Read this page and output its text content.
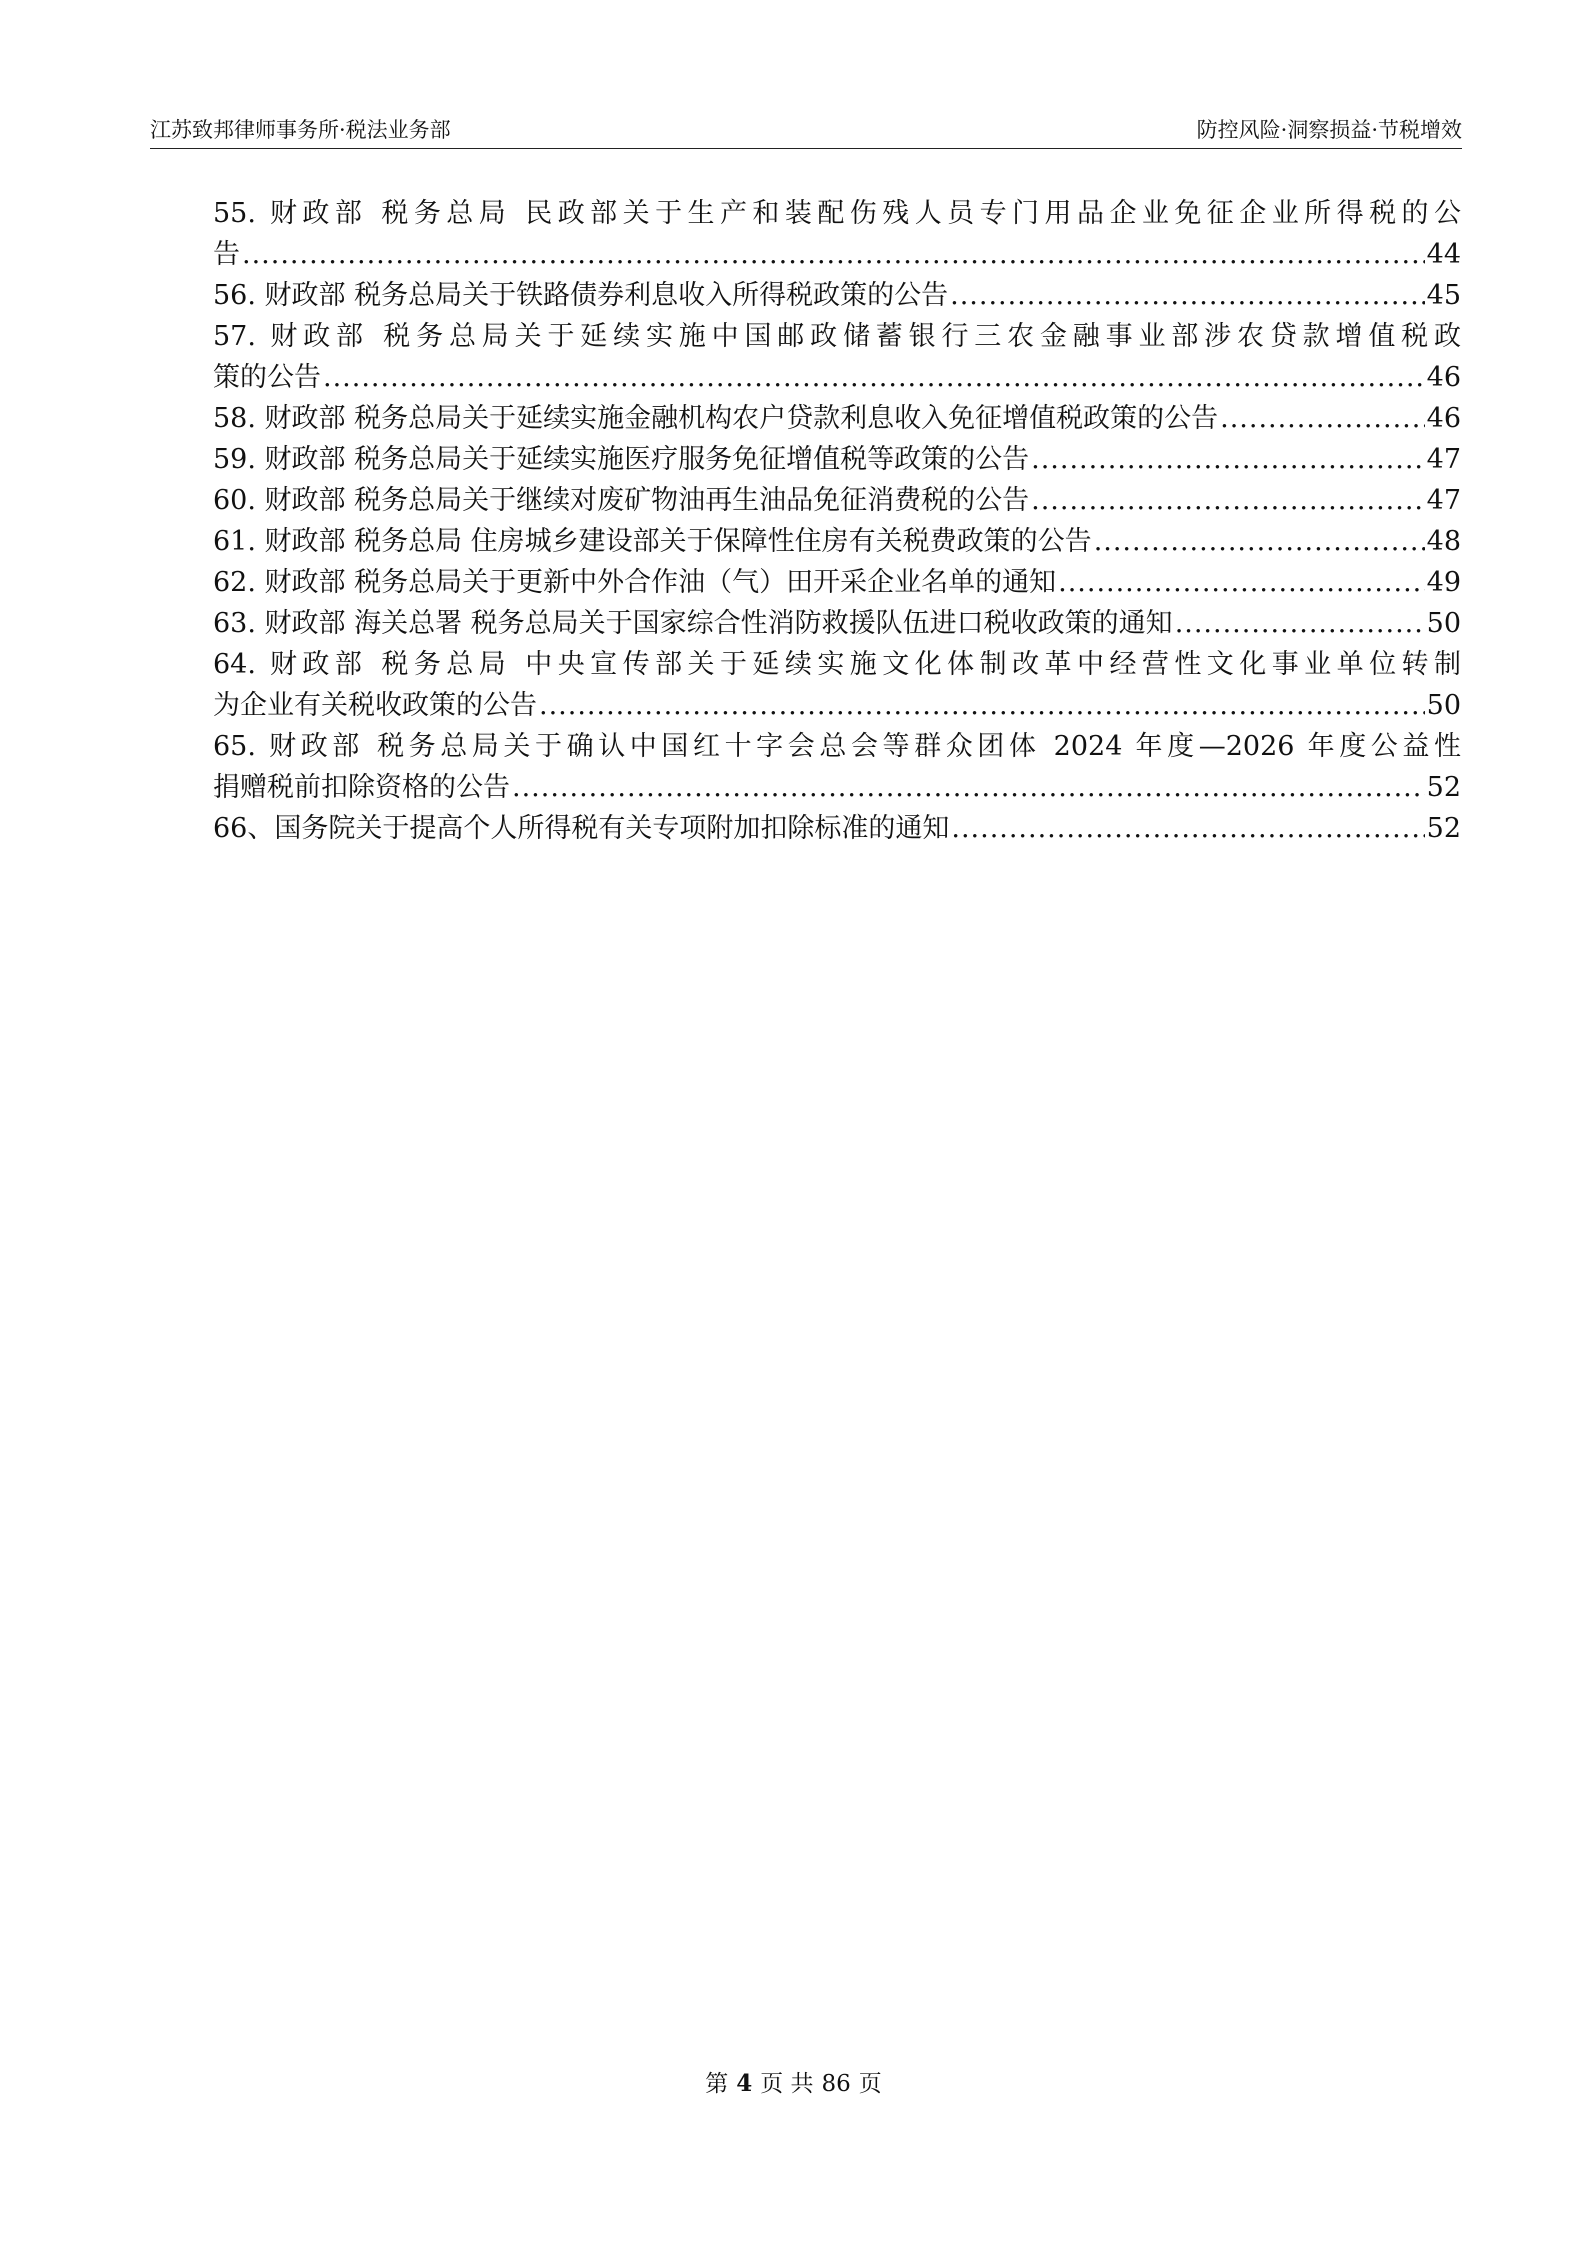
江苏致邦律师事务所·税法业务部	防控风险·洞察损益·节税增效
55. 财政部 税务总局 民政部关于生产和装配伤残人员专门用品企业免征企业所得税的公
告 .....	44
56. 财政部 税务总局关于铁路债券利息收入所得税政策的公告 .....	45
57. 财政部 税务总局关于延续实施中国邮政储蓄银行三农金融事业部涉农贷款增值税政
策的公告 .....	46
58. 财政部 税务总局关于延续实施金融机构农户贷款利息收入免征增值税政策的公告 .....	46
59. 财政部 税务总局关于延续实施医疗服务免征增值税等政策的公告 .....	47
60. 财政部 税务总局关于继续对废矿物油再生油品免征消费税的公告 .....	47
61. 财政部 税务总局 住房城乡建设部关于保障性住房有关税费政策的公告 .....	48
62. 财政部 税务总局关于更新中外合作油（气）田开采企业名单的通知 .....	49
63. 财政部 海关总署 税务总局关于国家综合性消防救援队伍进口税收政策的通知 .....	50
64. 财政部 税务总局 中央宣传部关于延续实施文化体制改革中经营性文化事业单位转制
为企业有关税收政策的公告 .....	50
65. 财政部 税务总局关于确认中国红十字会总会等群众团体 2024 年度—2026 年度公益性
捐赠税前扣除资格的公告 .....	52
66、国务院关于提高个人所得税有关专项附加扣除标准的通知 .....	52
第 4 页 共 86 页
